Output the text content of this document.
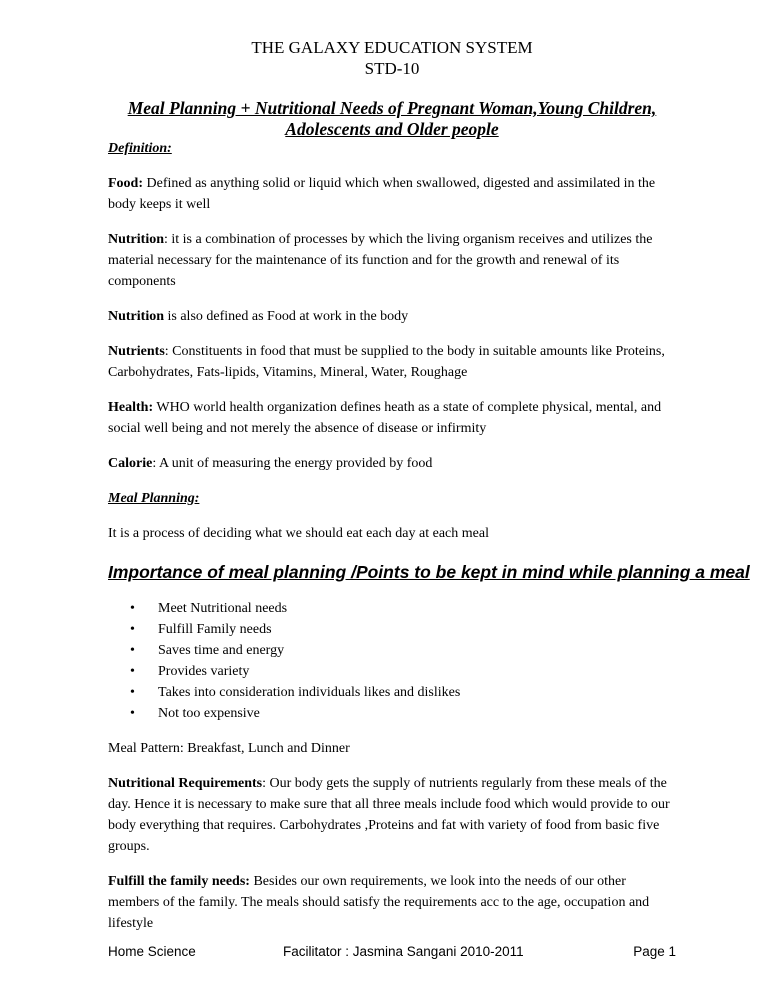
THE GALAXY EDUCATION SYSTEM
STD-10
Meal Planning + Nutritional Needs of Pregnant Woman,Young Children,
Adolescents and Older people
Definition:

Food: Defined as anything solid or liquid which when swallowed, digested and assimilated in the body keeps it well

Nutrition: it is a combination of processes by which the living organism receives and utilizes the material necessary for the maintenance of its function and for the growth and renewal of its components

Nutrition is also defined as Food at work in the body

Nutrients: Constituents in food that must be supplied to the body in suitable amounts like Proteins, Carbohydrates, Fats-lipids, Vitamins, Mineral, Water, Roughage

Health: WHO world health organization defines heath as a state of complete physical, mental, and social well being and not merely the absence of disease or infirmity

Calorie: A unit of measuring the energy provided by food

Meal Planning:

It is a process of deciding what we should eat each day at each meal

Importance of meal planning /Points to be kept in mind while planning a meal
• Meet Nutritional needs
• Fulfill Family needs
• Saves time and energy
• Provides variety
• Takes into consideration individuals likes and dislikes
• Not too expensive

Meal Pattern: Breakfast, Lunch and Dinner

Nutritional Requirements: Our body gets the supply of nutrients regularly from these meals of the day. Hence it is necessary to make sure that all three meals include food which would provide to our body everything that requires. Carbohydrates ,Proteins and fat with variety of food from basic five groups.

Fulfill the family needs: Besides our own requirements, we look into the needs of our other members of the family. The meals should satisfy the requirements acc to the age, occupation and lifestyle

Home Science	Facilitator : Jasmina Sangani 2010-2011	Page 1
